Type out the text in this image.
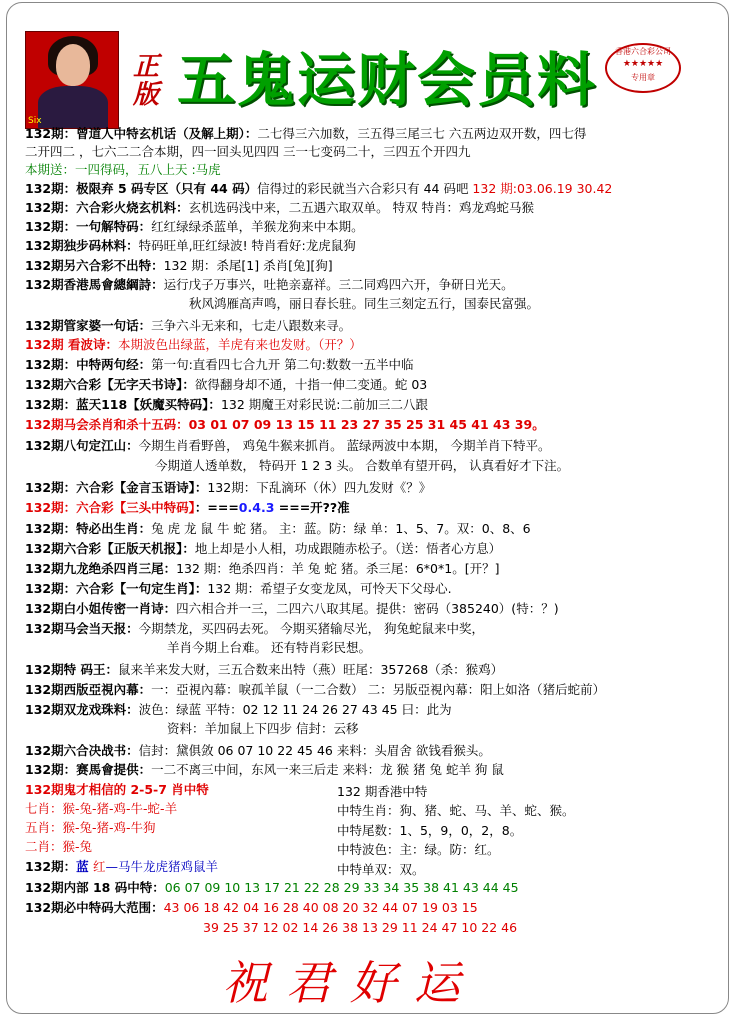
Six
正版 五鬼运财会员料	香港六合彩公司
★★★★★
专用章
132期：曾道人中特玄机话（及解上期）：二七得三六加数，三五得三尾三七 六五两边双开数，四七得
二开四二 ，七六二二合本期，四一回头见四四 三一七变码二十，三四五个开四九
本期送：一四得码，五八上天 :马虎
132期：极限弃 5 码专区（只有 44 码）信得过的彩民就当六合彩只有 44 码吧 132 期:03.06.19 30.42
132期：六合彩火烧玄机料：玄机选码浅中来，二五遇六取双单。 特双 特肖：鸡龙鸡蛇马猴
132期：一句解特码：红红绿绿杀蓝单，羊猴龙狗来中本期。
132期独步码林料：特码旺单,旺红绿波! 特肖看好:龙虎鼠狗
132期另六合彩不出特：132 期：杀尾[1] 杀肖[兔][狗]
132期香港馬會總綱詩：运行戊子万事兴，吐艳亲嘉祥。三二同鸡四六开，争研日光天。
秋风鸿雁高声鸣，丽日春长驻。同生三刻定五行，国泰民富强。
132期管家婆一句话：三争六斗无来和，七走八跟数来寻。
132期 看波诗：本期波色出绿蓝，羊虎有来也发财。（开？）
132期：中特两句经：第一句:直看四七合九开 第二句:数数一五半中临
132期六合彩【无字天书诗】：欲得翻身却不通，十指一伸二变通。蛇 03
132期：蓝天118【妖魔买特码】：132 期魔王对彩民说:二前加三二八跟
132期马会杀肖和杀十五码：03 01 07 09 13 15 11 23 27 35 25 31 45 41 43 39。
132期八句定江山：今期生肖看野兽， 鸡兔牛猴来抓肖。 蓝绿两波中本期， 今期羊肖下特平。
今期道人透单数， 特码开 1 2 3 头。 合数单有望开码， 认真看好才下注。
132期：六合彩【金言玉语诗】：132期：下乱滴环（休）四九发财《？》
132期：六合彩【三头中特码】：===0.4.3 ===开??准
132期：特必出生肖：兔 虎 龙 鼠 牛 蛇 猪。 主：蓝。防：绿 单：1、5、7。双：0、8、6
132期六合彩【正版天机报】：地上却是小人相，功成跟随赤松子。（送：悟者心方息）
132期九龙绝杀四肖三尾：132 期：绝杀四肖：羊 兔 蛇 猪。杀三尾：6*0*1。[开？]
132期：六合彩【一句定生肖】：132 期：希望子女变龙凤，可怜天下父母心.
132期白小姐传密一肖诗：四六相合并一三，二四六八取其尾。提供：密码（385240）(特：？)
132期马会当天报：今期禁龙，买四码去死。 今期买猪输尽光， 狗兔蛇鼠来中奖，
羊肖今期上台难。 还有特肖彩民想。
132期特 码王：鼠来羊来发大财，三五合数来出特（燕）旺尾：357268（杀：猴鸡）
132期西版亞視內幕：一：亞視內幕：唳孤羊鼠（一二合数） 二：另版亞視內幕：阳上如洛（猪后蛇前）
132期双龙戏珠料：波色：绿蓝 平特：02 12 11 24 26 27 43 45 曰：此为
资料：羊加鼠上下四步 信封：云移
132期六合决战书：信封：黛俱敛 06 07 10 22 45 46 来料：头眉舍 欲钱看猴头。
132期：赛馬會提供：一二不离三中间，东风一来三后走 来料：龙 猴 猪 兔 蛇羊 狗 鼠
132期鬼才相信的 2-5-7 肖中特
七肖：猴-兔-猪-鸡-牛-蛇-羊
五肖：猴-兔-猪-鸡-牛狗
二肖：猴-兔
132期：蓝 红—马牛龙虎猪鸡鼠羊
132 期香港中特
中特生肖：狗、猪、蛇、马、羊、蛇、猴。
中特尾数：1、5，9，0，2，8。
中特波色：主：绿。防：红。
中特单双：双。
132期内部 18 码中特：06 07 09 10 13 17 21 22 28 29 33 34 35 38 41 43 44 45
132期必中特码大范围：43 06 18 42 04 16 28 40 08 20 32 44 07 19 03 15
39 25 37 12 02 14 26 38 13 29 11 24 47 10 22 46
祝君好运
